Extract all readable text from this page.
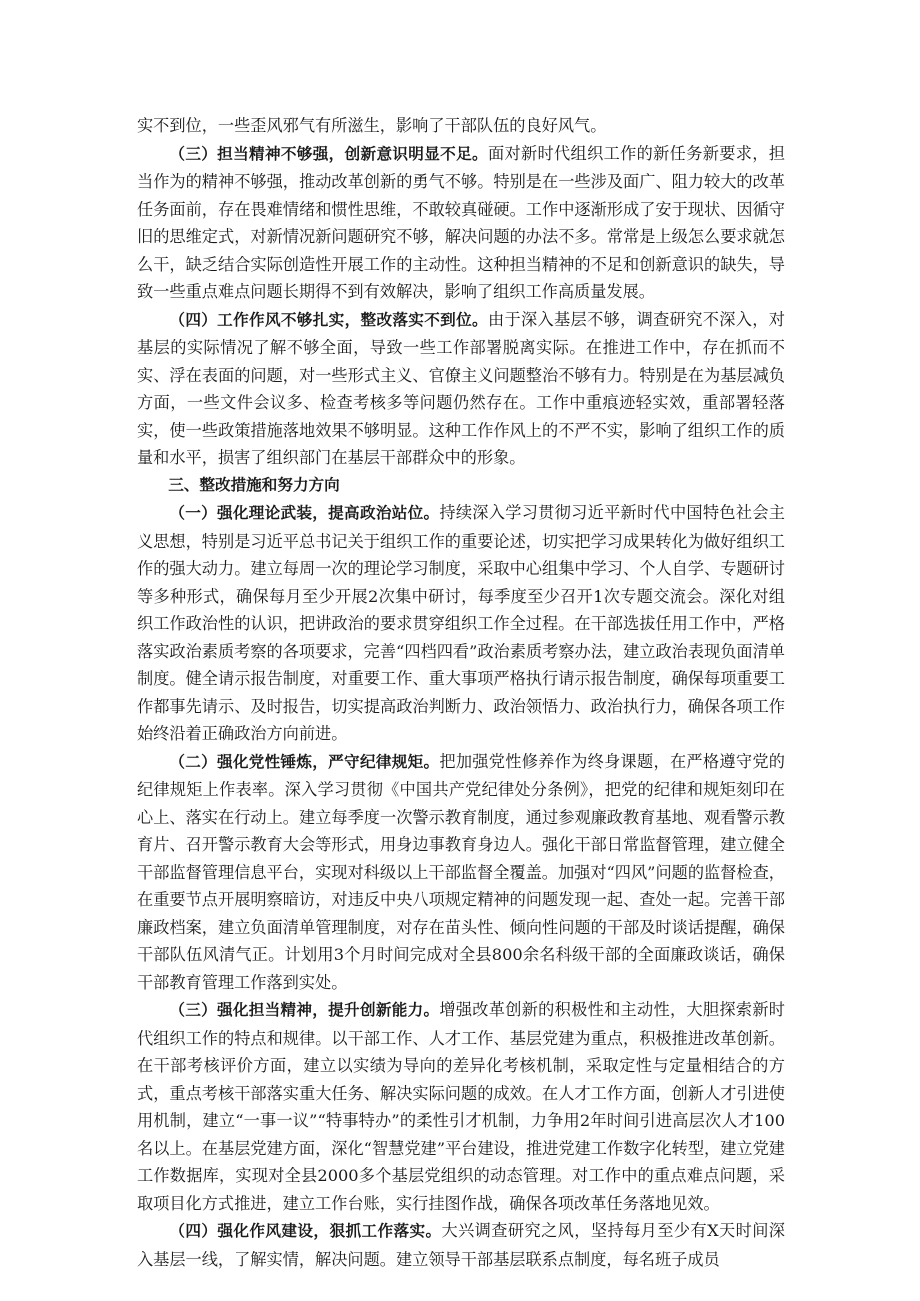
实不到位，一些歪风邪气有所滋生，影响了干部队伍的良好风气。

（三）担当精神不够强，创新意识明显不足。面对新时代组织工作的新任务新要求，担当作为的精神不够强，推动改革创新的勇气不够。特别是在一些涉及面广、阻力较大的改革任务面前，存在畏难情绪和惯性思维，不敢较真碰硬。工作中逐渐形成了安于现状、因循守旧的思维定式，对新情况新问题研究不够，解决问题的办法不多。常常是上级怎么要求就怎么干，缺乏结合实际创造性开展工作的主动性。这种担当精神的不足和创新意识的缺失，导致一些重点难点问题长期得不到有效解决，影响了组织工作高质量发展。

（四）工作作风不够扎实，整改落实不到位。由于深入基层不够，调查研究不深入，对基层的实际情况了解不够全面，导致一些工作部署脱离实际。在推进工作中，存在抓而不实、浮在表面的问题，对一些形式主义、官僚主义问题整治不够有力。特别是在为基层减负方面，一些文件会议多、检查考核多等问题仍然存在。工作中重痕迹轻实效，重部署轻落实，使一些政策措施落地效果不够明显。这种工作作风上的不严不实，影响了组织工作的质量和水平，损害了组织部门在基层干部群众中的形象。

三、整改措施和努力方向

（一）强化理论武装，提高政治站位。持续深入学习贯彻习近平新时代中国特色社会主义思想，特别是习近平总书记关于组织工作的重要论述，切实把学习成果转化为做好组织工作的强大动力。建立每周一次的理论学习制度，采取中心组集中学习、个人自学、专题研讨等多种形式，确保每月至少开展2次集中研讨，每季度至少召开1次专题交流会。深化对组织工作政治性的认识，把讲政治的要求贯穿组织工作全过程。在干部选拔任用工作中，严格落实政治素质考察的各项要求，完善“四档四看”政治素质考察办法，建立政治表现负面清单制度。健全请示报告制度，对重要工作、重大事项严格执行请示报告制度，确保每项重要工作都事先请示、及时报告，切实提高政治判断力、政治领悟力、政治执行力，确保各项工作始终沿着正确政治方向前进。

（二）强化党性锤炼，严守纪律规矩。把加强党性修养作为终身课题，在严格遵守党的纪律规矩上作表率。深入学习贯彻《中国共产党纪律处分条例》，把党的纪律和规矩刻印在心上、落实在行动上。建立每季度一次警示教育制度，通过参观廉政教育基地、观看警示教育片、召开警示教育大会等形式，用身边事教育身边人。强化干部日常监督管理，建立健全干部监督管理信息平台，实现对科级以上干部监督全覆盖。加强对“四风”问题的监督检查，在重要节点开展明察暗访，对违反中央八项规定精神的问题发现一起、查处一起。完善干部廉政档案，建立负面清单管理制度，对存在苗头性、倾向性问题的干部及时谈话提醒，确保干部队伍风清气正。计划用3个月时间完成对全县800余名科级干部的全面廉政谈话，确保干部教育管理工作落到实处。

（三）强化担当精神，提升创新能力。增强改革创新的积极性和主动性，大胆探索新时代组织工作的特点和规律。以干部工作、人才工作、基层党建为重点，积极推进改革创新。在干部考核评价方面，建立以实绩为导向的差异化考核机制，采取定性与定量相结合的方式，重点考核干部落实重大任务、解决实际问题的成效。在人才工作方面，创新人才引进使用机制，建立“一事一议”“特事特办”的柔性引才机制，力争用2年时间引进高层次人才100名以上。在基层党建方面，深化“智慧党建”平台建设，推进党建工作数字化转型，建立党建工作数据库，实现对全县2000多个基层党组织的动态管理。对工作中的重点难点问题，采取项目化方式推进，建立工作台账，实行挂图作战，确保各项改革任务落地见效。

（四）强化作风建设，狠抓工作落实。大兴调查研究之风，坚持每月至少有X天时间深入基层一线，了解实情，解决问题。建立领导干部基层联系点制度，每名班子成员
